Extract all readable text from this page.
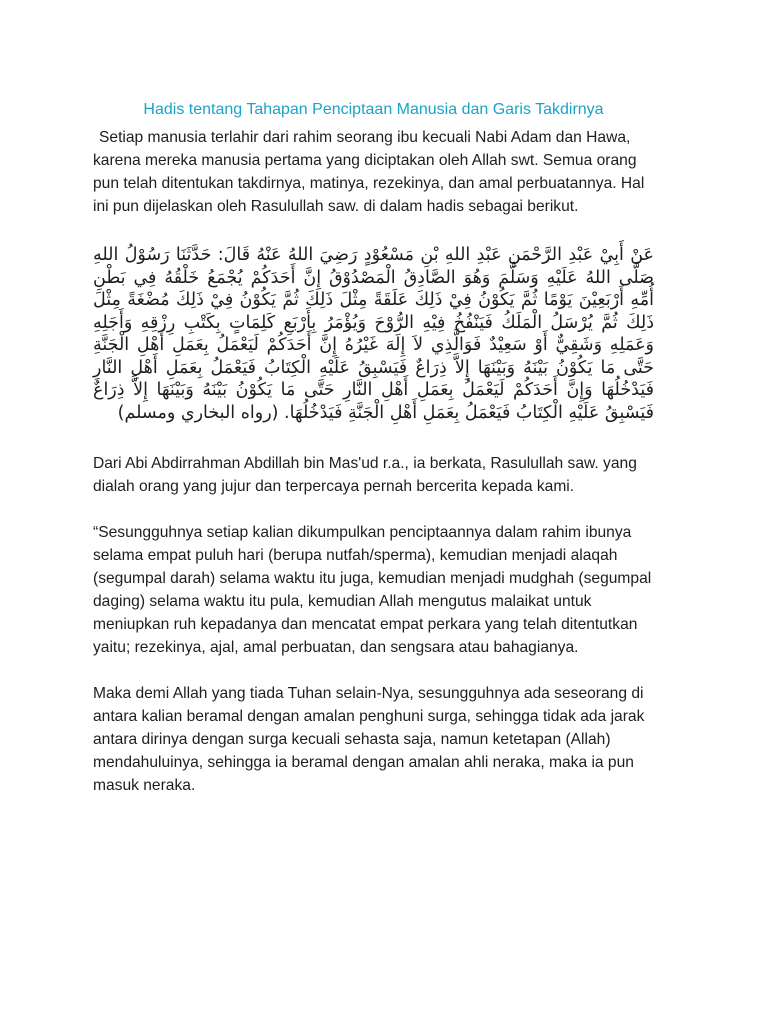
Hadis tentang Tahapan Penciptaan Manusia dan Garis Takdirnya

Setiap manusia terlahir dari rahim seorang ibu kecuali Nabi Adam dan Hawa, karena mereka manusia pertama yang diciptakan oleh Allah swt. Semua orang pun telah ditentukan takdirnya, matinya, rezekinya, dan amal perbuatannya. Hal ini pun dijelaskan oleh Rasulullah saw. di dalam hadis sebagai berikut.

عَنْ أَبِيْ عَبْدِ الرَّحْمَنِ عَبْدِ اللهِ بْنِ مَسْعُوْدٍ رَضِيَ اللهُ عَنْهُ قَالَ: حَدَّثَنَا رَسُوْلُ اللهِ صَلَّى اللهُ عَلَيْهِ وَسَلَّمَ وَهُوَ الصَّادِقُ الْمَصْدُوْقُ إِنَّ أَحَدَكُمْ يُجْمَعُ خَلْقُهُ فِي بَطْنِ أُمِّهِ أَرْبَعِيْنَ يَوْمًا ثُمَّ يَكُوْنُ فِيْ ذَلِكَ عَلَقَةً مِثْلَ ذَلِكَ ثُمَّ يَكُوْنُ فِيْ ذَلِكَ مُضْغَةً مِثْلَ ذَلِكَ ثُمَّ يُرْسَلُ الْمَلَكُ فَيَنْفُخُ فِيْهِ الرُّوْحَ وَيُؤْمَرُ بِأَرْبَعِ كَلِمَاتٍ بِكَتْبِ رِزْقِهِ وَأَجَلِهِ وَعَمَلِهِ وَشَقِيٌّ أَوْ سَعِيْدٌ فَوَالَّذِي لاَ إِلَهَ غَيْرُهُ إِنَّ أَحَدَكُمْ لَيَعْمَلُ بِعَمَلِ أَهْلِ الْجَنَّةِ حَتَّى مَا يَكُوْنُ بَيْنَهُ وَبَيْنَهَا إِلاَّ ذِرَاعٌ فَيَسْبِقُ عَلَيْهِ الْكِتَابُ فَيَعْمَلُ بِعَمَلِ أَهْلِ النَّارِ فَيَدْخُلُهَا وَإِنَّ أَحَدَكُمْ لَيَعْمَلُ بِعَمَلِ أَهْلِ النَّارِ حَتَّى مَا يَكُوْنُ بَيْنَهُ وَبَيْنَهَا إِلاَّ ذِرَاعٌ فَيَسْبِقُ عَلَيْهِ الْكِتَابُ فَيَعْمَلُ بِعَمَلِ أَهْلِ الْجَنَّةِ فَيَدْخُلُهَا. (رواه البخاري ومسلم)

Dari Abi Abdirrahman Abdillah bin Mas'ud r.a., ia berkata, Rasulullah saw. yang dialah orang yang jujur dan terpercaya pernah bercerita kepada kami.

“Sesungguhnya setiap kalian dikumpulkan penciptaannya dalam rahim ibunya selama empat puluh hari (berupa nutfah/sperma), kemudian menjadi alaqah (segumpal darah) selama waktu itu juga, kemudian menjadi mudghah (segumpal daging) selama waktu itu pula, kemudian Allah mengutus malaikat untuk meniupkan ruh kepadanya dan mencatat empat perkara yang telah ditentutkan yaitu; rezekinya, ajal, amal perbuatan, dan sengsara atau bahagianya.

Maka demi Allah yang tiada Tuhan selain-Nya, sesungguhnya ada seseorang di antara kalian beramal dengan amalan penghuni surga, sehingga tidak ada jarak antara dirinya dengan surga kecuali sehasta saja, namun ketetapan (Allah) mendahuluinya, sehingga ia beramal dengan amalan ahli neraka, maka ia pun masuk neraka.
